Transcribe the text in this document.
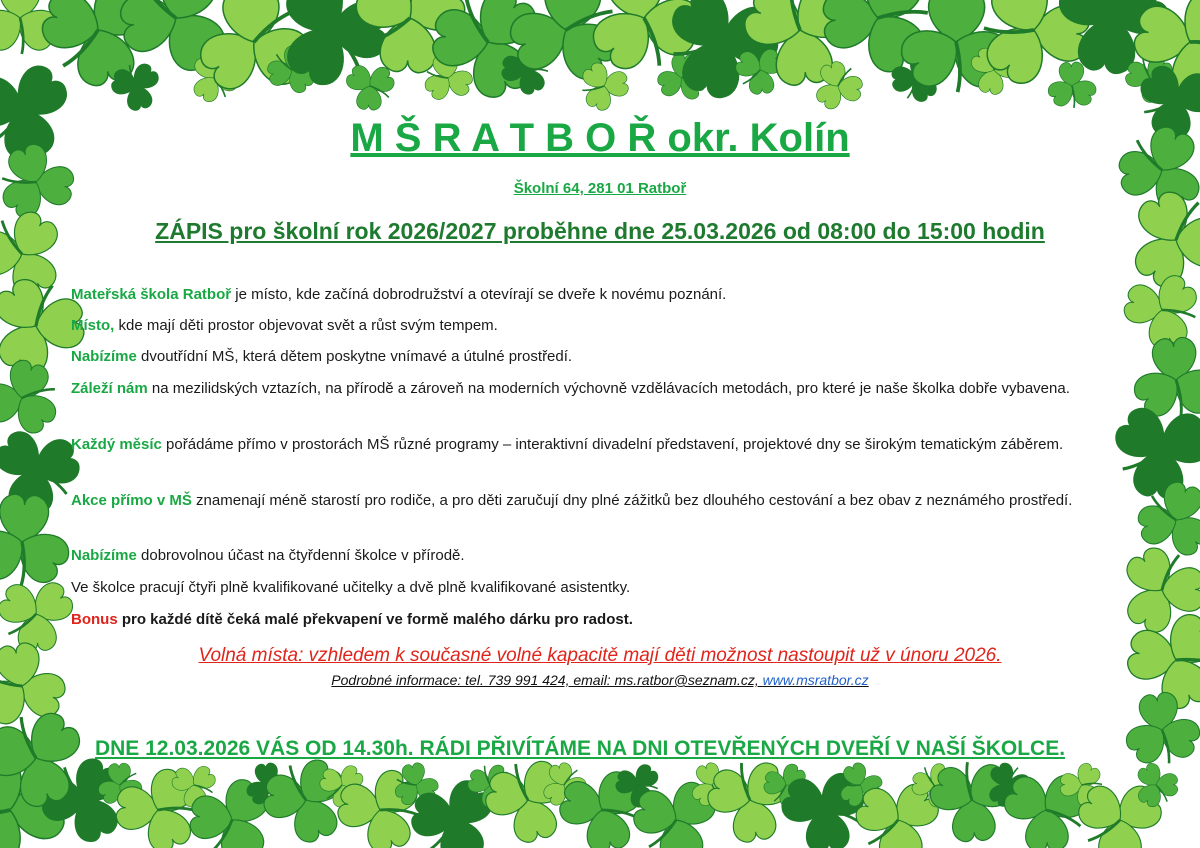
M Š R A T B O Ř okr. Kolín

Školní 64, 281 01 Ratboř

ZÁPIS pro školní rok 2026/2027 proběhne dne 25.03.2026 od 08:00 do 15:00 hodin

Mateřská škola Ratboř je místo, kde začíná dobrodružství a otevírají se dveře k novému poznání.

Místo, kde mají děti prostor objevovat svět a růst svým tempem.

Nabízíme dvoutřídní MŠ, která dětem poskytne vnímavé a útulné prostředí.

Záleží nám na mezilidských vztazích, na přírodě a zároveň na moderních výchovně vzdělávacích metodách, pro které je naše školka dobře vybavena.

Každý měsíc pořádáme přímo v prostorách MŠ různé programy – interaktivní divadelní představení, projektové dny se širokým tematickým záběrem.

Akce přímo v MŠ znamenají méně starostí pro rodiče, a pro děti zaručují dny plné zážitků bez dlouhého cestování a bez obav z neznámého prostředí.

Nabízíme dobrovolnou účast na čtyřdenní školce v přírodě.

Ve školce pracují čtyři plně kvalifikované učitelky a dvě plně kvalifikované asistentky.

Bonus pro každé dítě čeká malé překvapení ve formě malého dárku pro radost.

Volná místa: vzhledem k současné volné kapacitě mají děti možnost nastoupit už v únoru 2026.

Podrobné informace: tel. 739 991 424, email: ms.ratbor@seznam.cz, www.msratbor.cz

DNE 12.03.2026 VÁS OD 14.30h. RÁDI PŘIVÍTÁME NA DNI OTEVŘENÝCH DVEŘÍ V NAŠÍ ŠKOLCE.
